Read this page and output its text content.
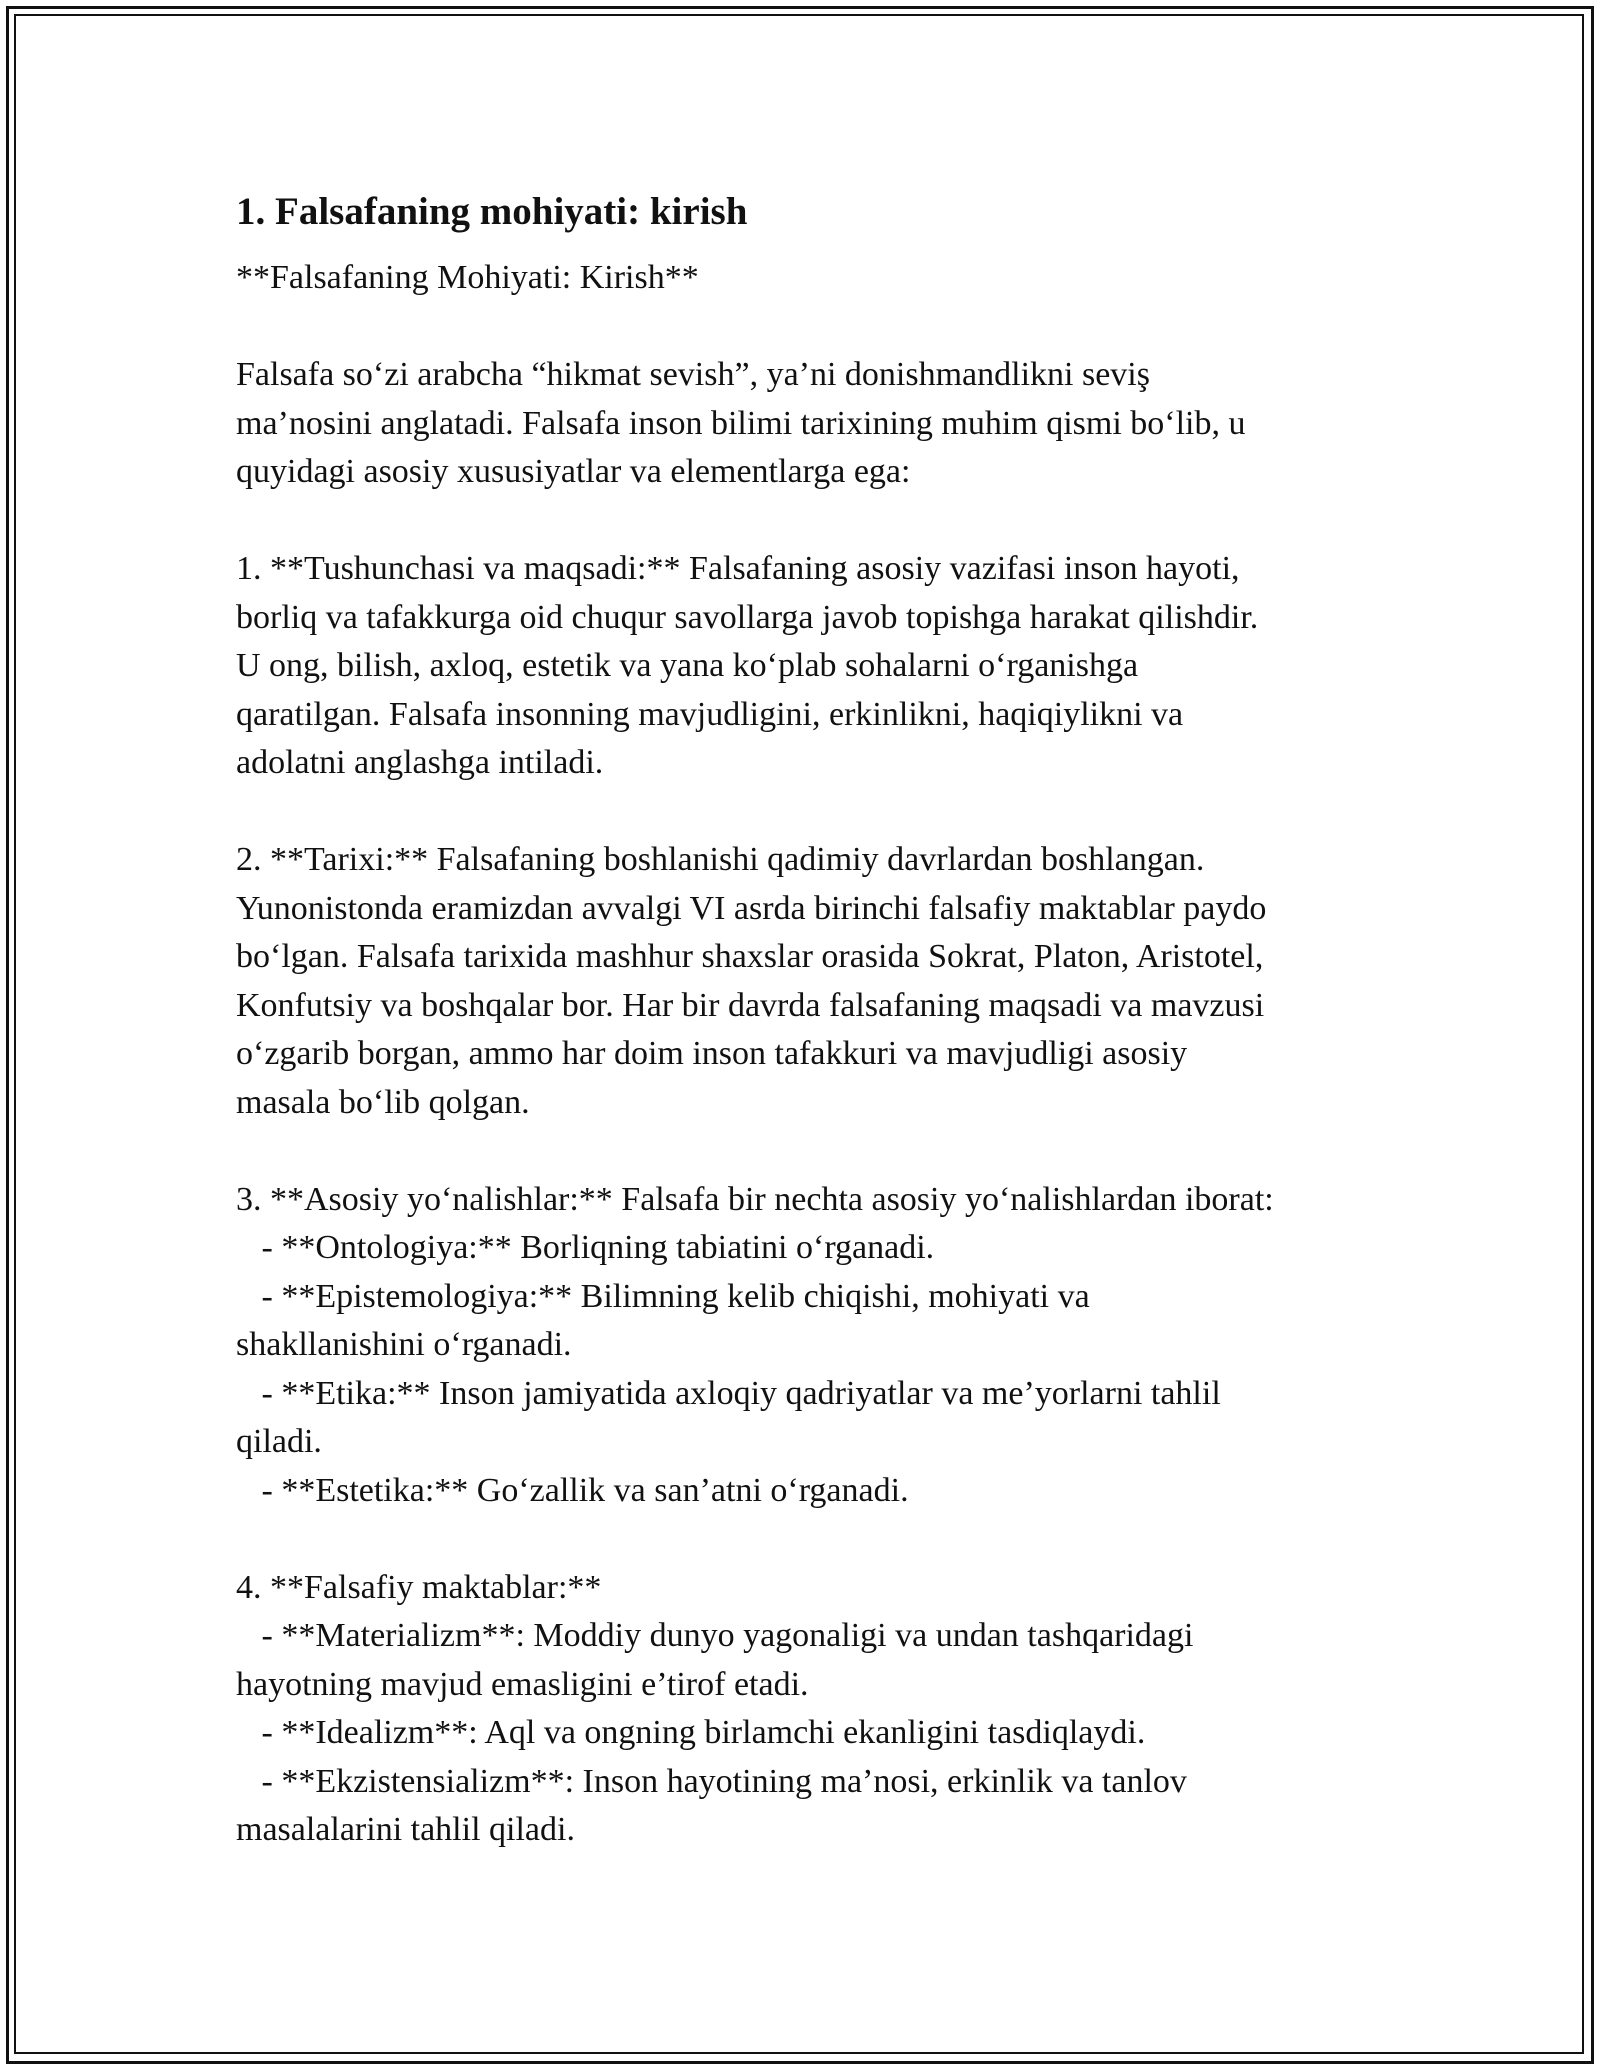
1. Falsafaning mohiyati: kirish

**Falsafaning Mohiyati: Kirish**

Falsafa so‘zi arabcha “hikmat sevish”, ya’ni donishmandlikni seviş

ma’nosini anglatadi. Falsafa inson bilimi tarixining muhim qismi bo‘lib, u

quyidagi asosiy xususiyatlar va elementlarga ega:

1. **Tushunchasi va maqsadi:** Falsafaning asosiy vazifasi inson hayoti,

borliq va tafakkurga oid chuqur savollarga javob topishga harakat qilishdir.

U ong, bilish, axloq, estetik va yana ko‘plab sohalarni o‘rganishga

qaratilgan. Falsafa insonning mavjudligini, erkinlikni, haqiqiylikni va

adolatni anglashga intiladi.

2. **Tarixi:** Falsafaning boshlanishi qadimiy davrlardan boshlangan.

Yunonistonda eramizdan avvalgi VI asrda birinchi falsafiy maktablar paydo

bo‘lgan. Falsafa tarixida mashhur shaxslar orasida Sokrat, Platon, Aristotel,

Konfutsiy va boshqalar bor. Har bir davrda falsafaning maqsadi va mavzusi

o‘zgarib borgan, ammo har doim inson tafakkuri va mavjudligi asosiy

masala bo‘lib qolgan.

3. **Asosiy yo‘nalishlar:** Falsafa bir nechta asosiy yo‘nalishlardan iborat:

- **Ontologiya:** Borliqning tabiatini o‘rganadi.

- **Epistemologiya:** Bilimning kelib chiqishi, mohiyati va

shakllanishini o‘rganadi.

- **Etika:** Inson jamiyatida axloqiy qadriyatlar va me’yorlarni tahlil

qiladi.

- **Estetika:** Go‘zallik va san’atni o‘rganadi.

4. **Falsafiy maktablar:**

- **Materializm**: Moddiy dunyo yagonaligi va undan tashqaridagi

hayotning mavjud emasligini e’tirof etadi.

- **Idealizm**: Aql va ongning birlamchi ekanligini tasdiqlaydi.

- **Ekzistensializm**: Inson hayotining ma’nosi, erkinlik va tanlov

masalalarini tahlil qiladi.
